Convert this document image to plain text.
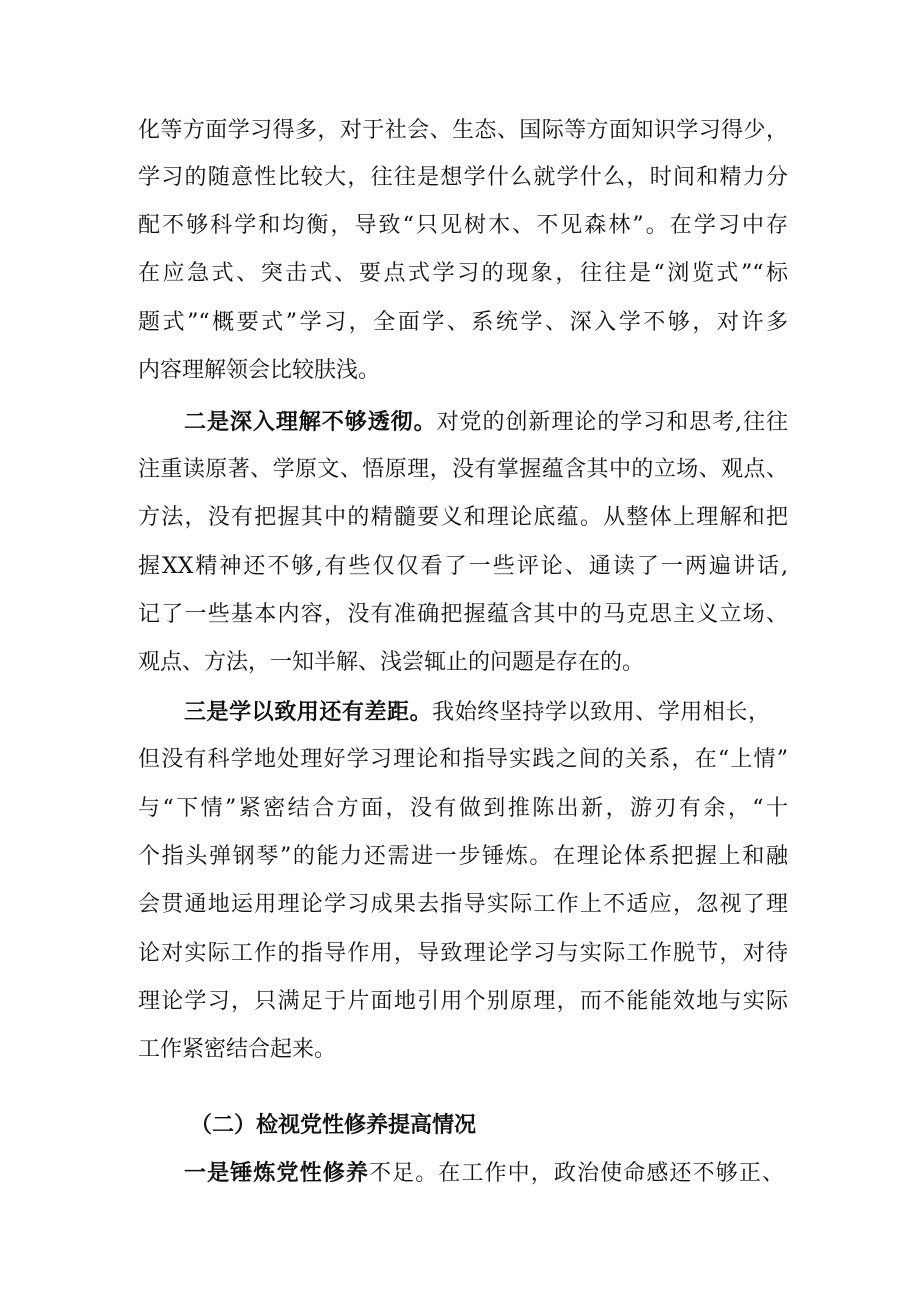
化等方面学习得多，对于社会、生态、国际等方面知识学习得少，
学习的随意性比较大，往往是想学什么就学什么，时间和精力分
配不够科学和均衡，导致“只见树木、不见森林”。在学习中存
在应急式、突击式、要点式学习的现象，往往是“浏览式”“标
题式”“概要式”学习，全面学、系统学、深入学不够，对许多
内容理解领会比较肤浅。
二是深入理解不够透彻。对党的创新理论的学习和思考,往往
注重读原著、学原文、悟原理，没有掌握蕴含其中的立场、观点、
方法，没有把握其中的精髓要义和理论底蕴。从整体上理解和把
握XX精神还不够,有些仅仅看了一些评论、通读了一两遍讲话,
记了一些基本内容，没有准确把握蕴含其中的马克思主义立场、
观点、方法，一知半解、浅尝辄止的问题是存在的。
三是学以致用还有差距。我始终坚持学以致用、学用相长，
但没有科学地处理好学习理论和指导实践之间的关系，在“上情”
与“下情”紧密结合方面，没有做到推陈出新，游刃有余，“十
个指头弹钢琴”的能力还需进一步锤炼。在理论体系把握上和融
会贯通地运用理论学习成果去指导实际工作上不适应，忽视了理
论对实际工作的指导作用，导致理论学习与实际工作脱节，对待
理论学习，只满足于片面地引用个别原理，而不能能效地与实际
工作紧密结合起来。
（二）检视党性修养提高情况
一是锤炼党性修养不足。在工作中，政治使命感还不够正、
